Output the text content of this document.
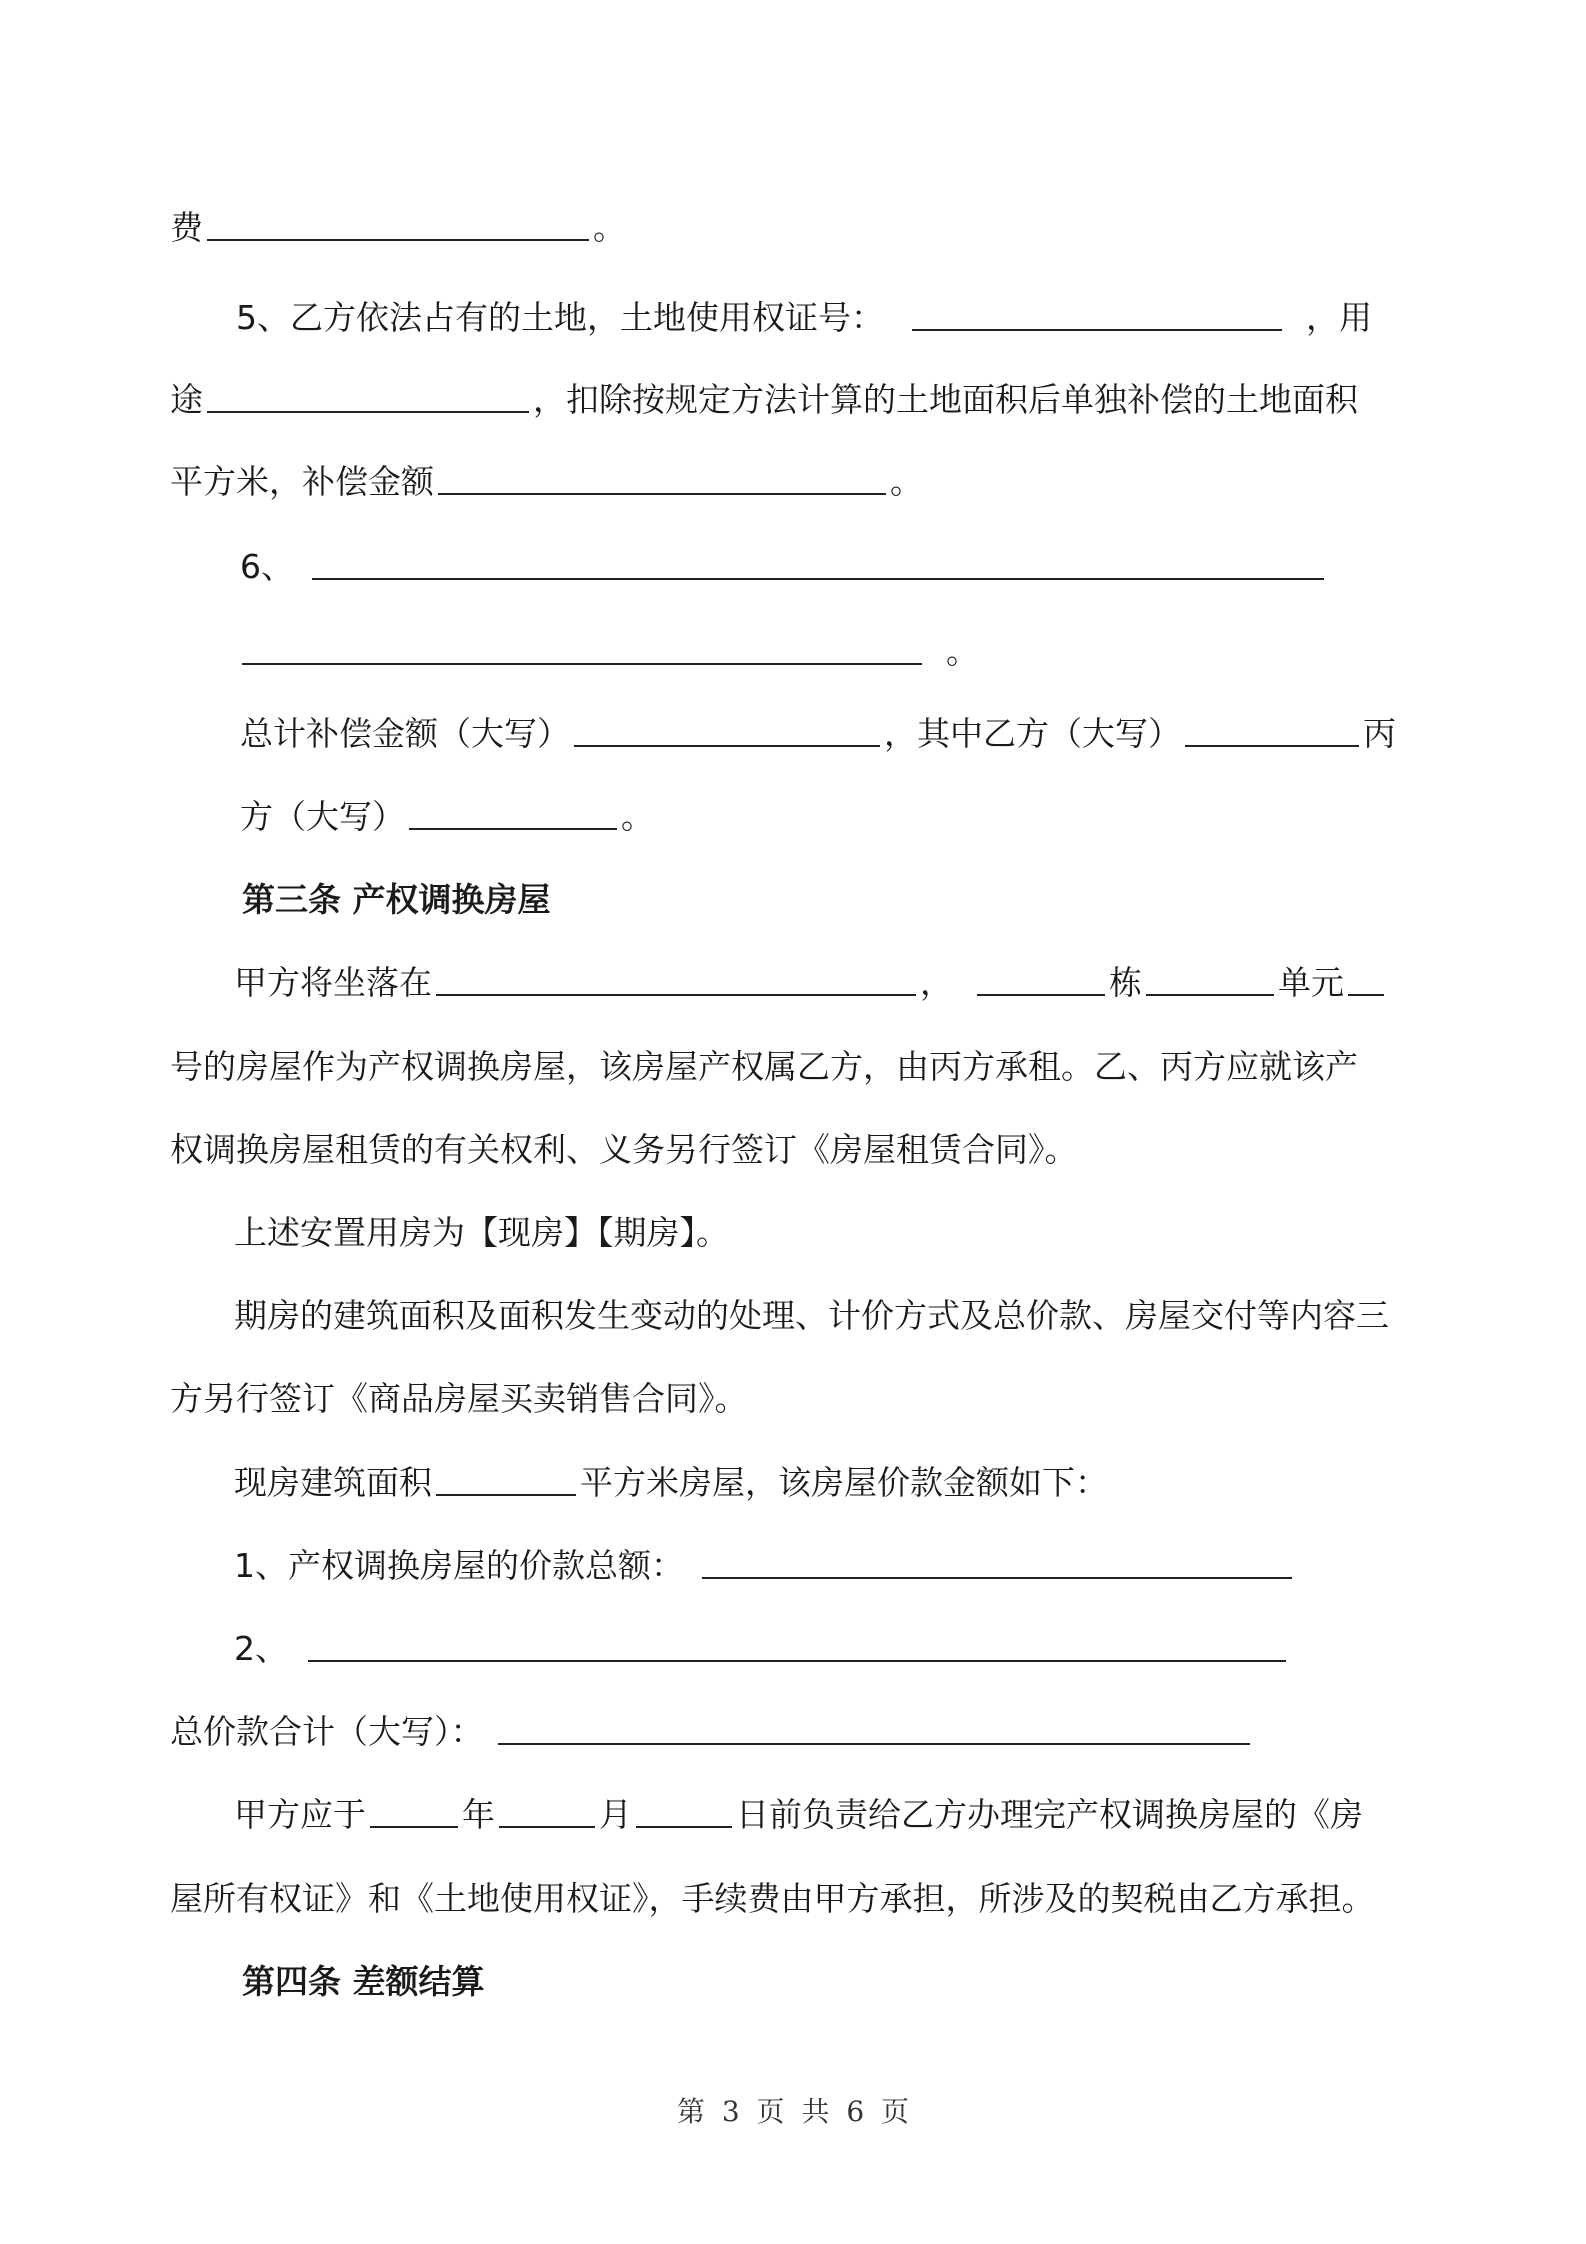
费	。
5、乙方依法占有的土地，土地使用权证号：	，用
途	，扣除按规定方法计算的土地面积后单独补偿的土地面积
平方米，补偿金额	。
6、
。
总计补偿金额（大写）	，其中乙方（大写）	丙
方（大写）	。
第三条 产权调换房屋
甲方将坐落在	，	栋	单元
号的房屋作为产权调换房屋，该房屋产权属乙方，由丙方承租。乙、丙方应就该产
权调换房屋租赁的有关权利、义务另行签订《房屋租赁合同》。
上述安置用房为【现房】【期房】。
期房的建筑面积及面积发生变动的处理、计价方式及总价款、房屋交付等内容三
方另行签订《商品房屋买卖销售合同》。
现房建筑面积	平方米房屋，该房屋价款金额如下：
1、产权调换房屋的价款总额：
2、
总价款合计（大写）：
甲方应于	年	月	日前负责给乙方办理完产权调换房屋的《房
屋所有权证》和《土地使用权证》，手续费由甲方承担，所涉及的契税由乙方承担。
第四条 差额结算
第 3 页 共 6 页
